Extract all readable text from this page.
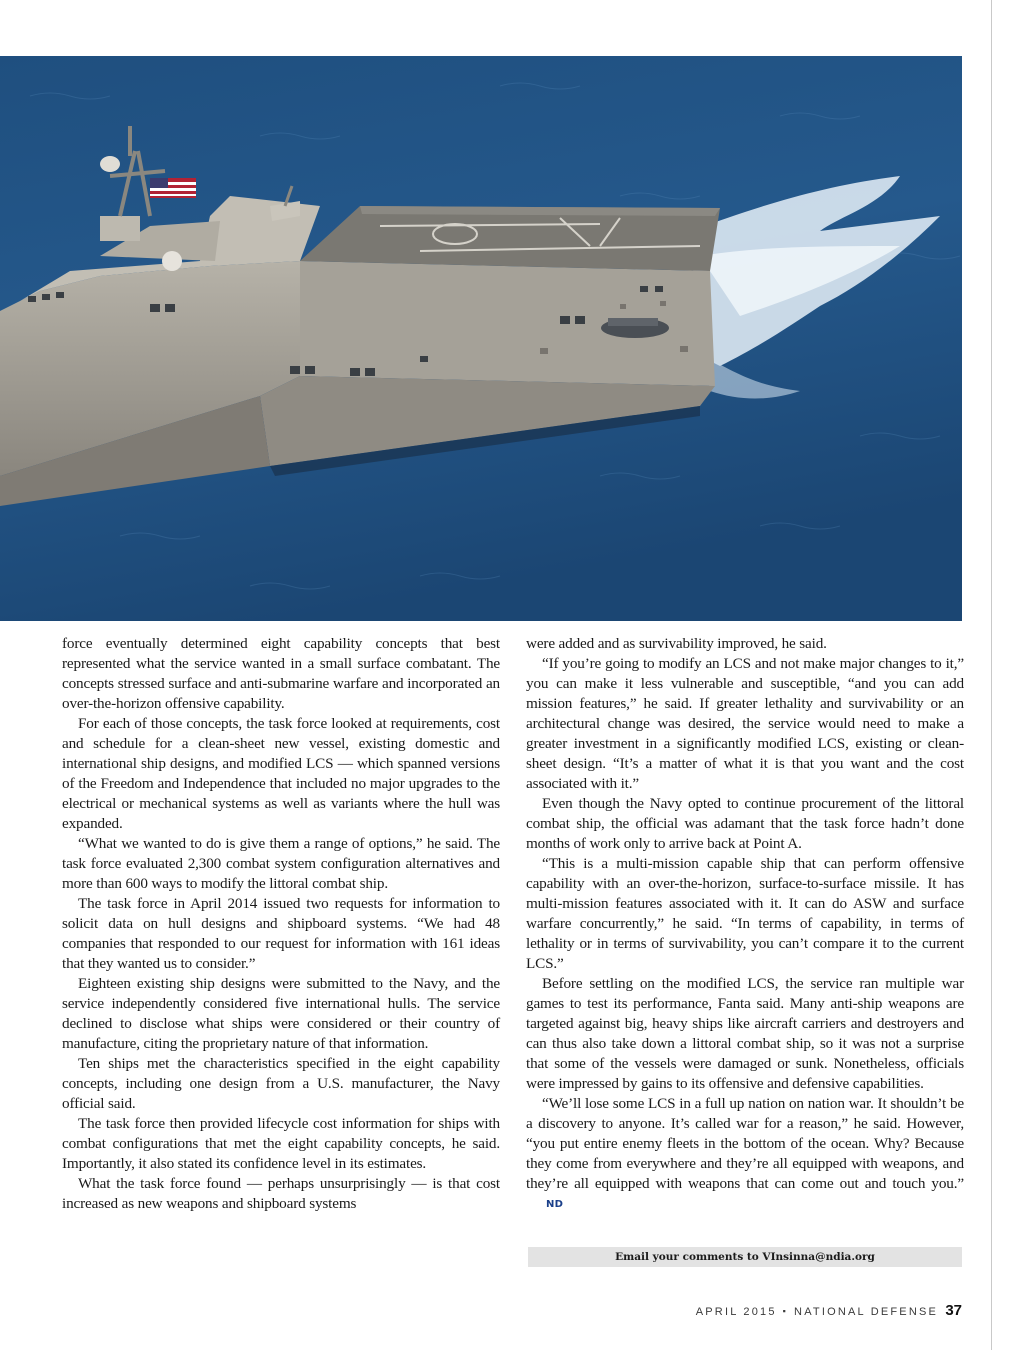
force eventually determined eight capability concepts that best represented what the service wanted in a small surface combatant. The concepts stressed surface and anti-submarine warfare and incorporated an over-the-horizon offensive capability.

For each of those concepts, the task force looked at requirements, cost and schedule for a clean-sheet new vessel, existing domestic and international ship designs, and modified LCS — which spanned versions of the Freedom and Independence that included no major upgrades to the electrical or mechanical systems as well as variants where the hull was expanded.

“What we wanted to do is give them a range of options,” he said. The task force evaluated 2,300 combat system configuration alternatives and more than 600 ways to modify the littoral combat ship.

The task force in April 2014 issued two requests for information to solicit data on hull designs and shipboard systems. “We had 48 companies that responded to our request for information with 161 ideas that they wanted us to consider.”

Eighteen existing ship designs were submitted to the Navy, and the service independently considered five international hulls. The service declined to disclose what ships were considered or their country of manufacture, citing the proprietary nature of that information.

Ten ships met the characteristics specified in the eight capability concepts, including one design from a U.S. manufacturer, the Navy official said.

The task force then provided lifecycle cost information for ships with combat configurations that met the eight capability concepts, he said. Importantly, it also stated its confidence level in its estimates.

What the task force found — perhaps unsurprisingly — is that cost increased as new weapons and shipboard systems

were added and as survivability improved, he said.

“If you’re going to modify an LCS and not make major changes to it,” you can make it less vulnerable and susceptible, “and you can add mission features,” he said. If greater lethality and survivability or an architectural change was desired, the service would need to make a greater investment in a significantly modified LCS, existing or clean-sheet design. “It’s a matter of what it is that you want and the cost associated with it.”

Even though the Navy opted to continue procurement of the littoral combat ship, the official was adamant that the task force hadn’t done months of work only to arrive back at Point A.

“This is a multi-mission capable ship that can perform offensive capability with an over-the-horizon, surface-to-surface missile. It has multi-mission features associated with it. It can do ASW and surface warfare concurrently,” he said. “In terms of capability, in terms of lethality or in terms of survivability, you can’t compare it to the current LCS.”

Before settling on the modified LCS, the service ran multiple war games to test its performance, Fanta said. Many anti-ship weapons are targeted against big, heavy ships like aircraft carriers and destroyers and can thus also take down a littoral combat ship, so it was not a surprise that some of the vessels were damaged or sunk. Nonetheless, officials were impressed by gains to its offensive and defensive capabilities.

“We’ll lose some LCS in a full up nation on nation war. It shouldn’t be a discovery to anyone. It’s called war for a reason,” he said. However, “you put entire enemy fleets in the bottom of the ocean. Why? Because they come from everywhere and they’re all equipped with weapons, and they’re all equipped with weapons that can come out and touch you.”ND

Email your comments to VInsinna@ndia.org
APRIL 2015 ▪ NATIONAL DEFENSE 37
